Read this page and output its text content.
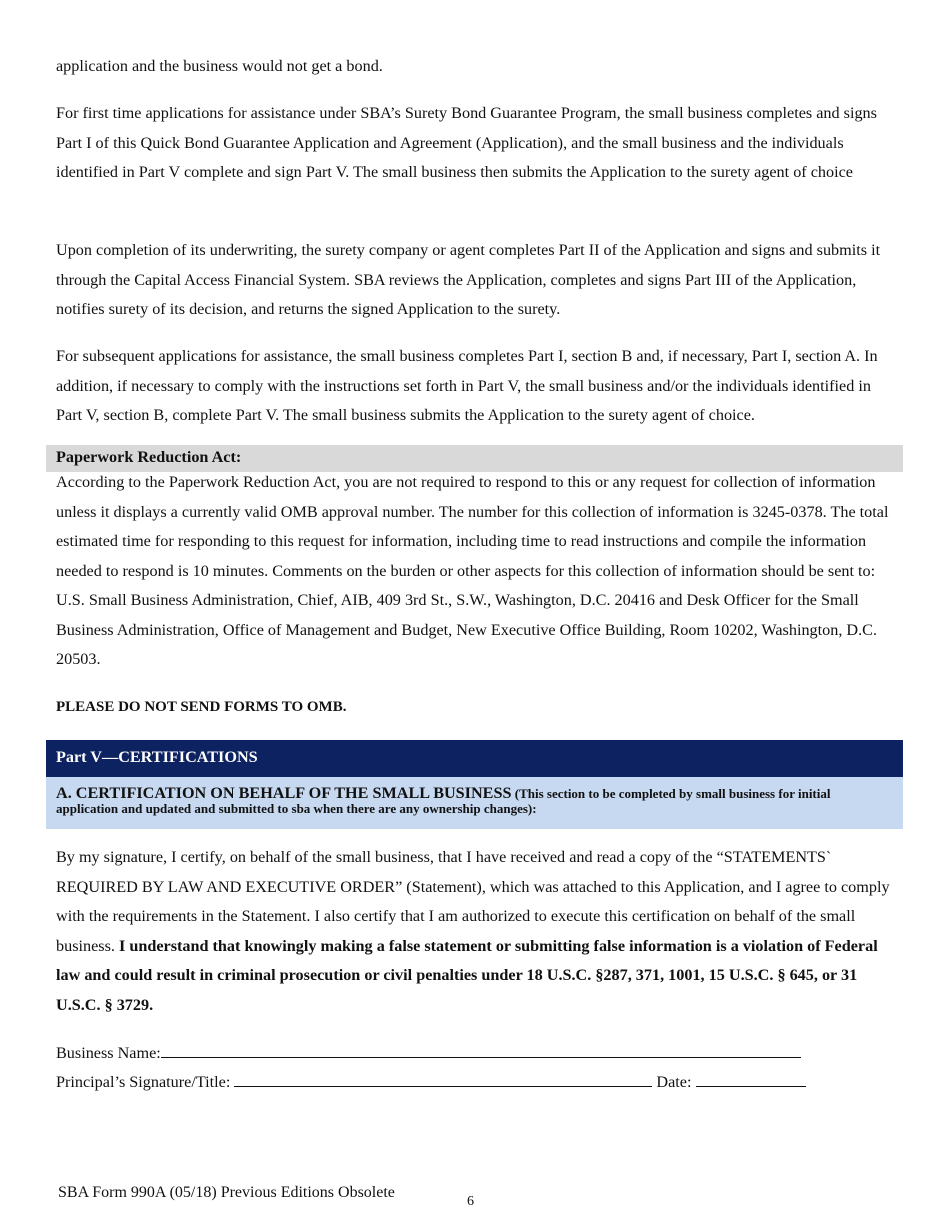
application and the business would not get a bond.

For first time applications for assistance under SBA’s Surety Bond Guarantee Program, the small business completes and signs Part I of this Quick Bond Guarantee Application and Agreement (Application), and the small business and the individuals identified in Part V complete and sign Part V. The small business then submits the Application to the surety agent of choice

Upon completion of its underwriting, the surety company or agent completes Part II of the Application and signs and submits it through the Capital Access Financial System. SBA reviews the Application, completes and signs Part III of the Application, notifies surety of its decision, and returns the signed Application to the surety.

For subsequent applications for assistance, the small business completes Part I, section B and, if necessary, Part I, section A. In addition, if necessary to comply with the instructions set forth in Part V, the small business and/or the individuals identified in Part V, section B, complete Part V. The small business submits the Application to the surety agent of choice.

Paperwork Reduction Act:

According to the Paperwork Reduction Act, you are not required to respond to this or any request for collection of information unless it displays a currently valid OMB approval number. The number for this collection of information is 3245-0378. The total estimated time for responding to this request for information, including time to read instructions and compile the information needed to respond is 10 minutes. Comments on the burden or other aspects for this collection of information should be sent to: U.S. Small Business Administration, Chief, AIB, 409 3rd St., S.W., Washington, D.C. 20416 and Desk Officer for the Small Business Administration, Office of Management and Budget, New Executive Office Building, Room 10202, Washington, D.C. 20503.

PLEASE DO NOT SEND FORMS TO OMB.
Part V—CERTIFICATIONS
A. CERTIFICATION ON BEHALF OF THE SMALL BUSINESS (This section to be completed by small business for initial application and updated and submitted to sba when there are any ownership changes):

By my signature, I certify, on behalf of the small business, that I have received and read a copy of the “STATEMENTS` REQUIRED BY LAW AND EXECUTIVE ORDER” (Statement), which was attached to this Application, and I agree to comply with the requirements in the Statement. I also certify that I am authorized to execute this certification on behalf of the small business. I understand that knowingly making a false statement or submitting false information is a violation of Federal law and could result in criminal prosecution or civil penalties under 18 U.S.C. §287, 371, 1001, 15 U.S.C. § 645, or 31 U.S.C. § 3729.

Business Name:
Principal’s Signature/Title:	Date:
SBA Form 990A (05/18) Previous Editions Obsolete
6
